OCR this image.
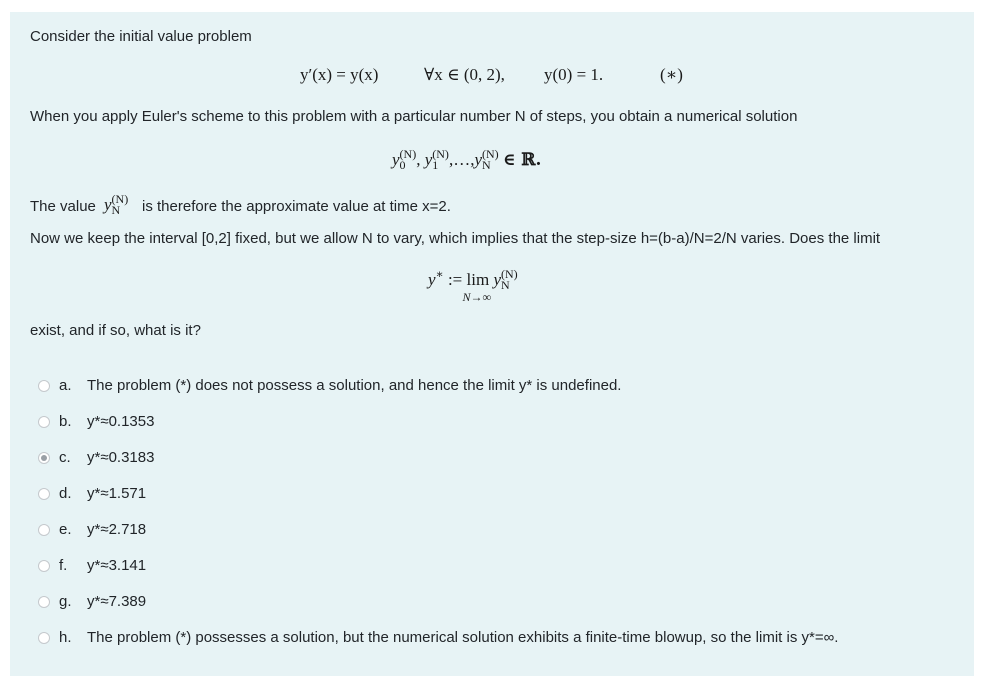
Consider the initial value problem
y′(x) = y(x)	∀x ∈ (0, 2), y(0) = 1.	(∗)
When you apply Euler's scheme to this problem with a particular number N of steps, you obtain a numerical solution
$y^{(N)}$
0 , $y^{(N)}$
1 $,\dots,y^{(N)}$
N ∈ ℝ.
The value $y^{(N)}$
N is therefore the approximate value at time x=2.
Now we keep the interval [0,2] fixed, but we allow N to vary, which implies that the step-size h=(b-a)/N=2/N varies. Does the limit
y∗ := lim
N→∞
$y^{(N)}$
N
exist, and if so, what is it?
a. The problem (*) does not possess a solution, and hence the limit y* is undefined.
b. y*≈0.1353
c. y*≈0.3183
d. y*≈1.571
e. y*≈2.718
f. y*≈3.141
g. y*≈7.389
h. The problem (*) possesses a solution, but the numerical solution exhibits a finite-time blowup, so the limit is y*=∞.
